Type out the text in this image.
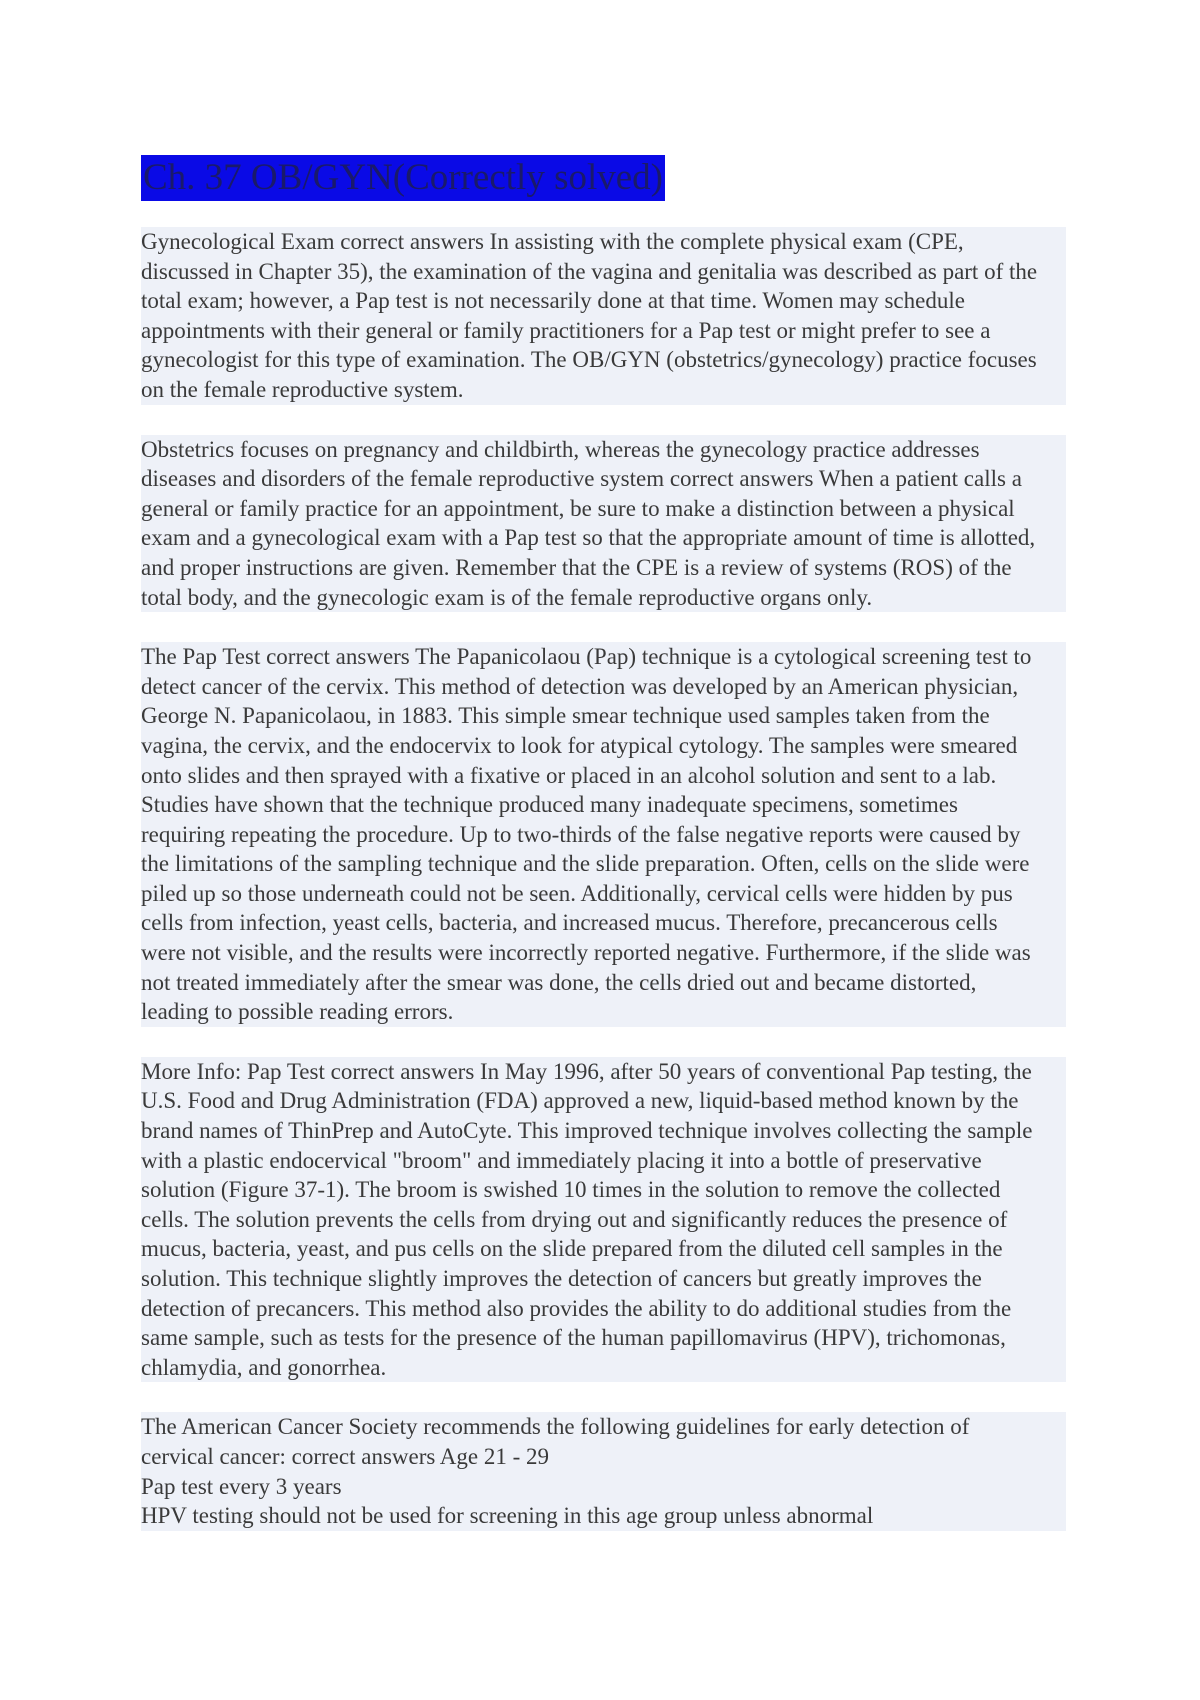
Ch. 37 OB/GYN(Correctly solved)
Gynecological Exam correct answers In assisting with the complete physical exam (CPE,
discussed in Chapter 35), the examination of the vagina and genitalia was described as part of the
total exam; however, a Pap test is not necessarily done at that time. Women may schedule
appointments with their general or family practitioners for a Pap test or might prefer to see a
gynecologist for this type of examination. The OB/GYN (obstetrics/gynecology) practice focuses
on the female reproductive system.
Obstetrics focuses on pregnancy and childbirth, whereas the gynecology practice addresses
diseases and disorders of the female reproductive system correct answers When a patient calls a
general or family practice for an appointment, be sure to make a distinction between a physical
exam and a gynecological exam with a Pap test so that the appropriate amount of time is allotted,
and proper instructions are given. Remember that the CPE is a review of systems (ROS) of the
total body, and the gynecologic exam is of the female reproductive organs only.
The Pap Test correct answers The Papanicolaou (Pap) technique is a cytological screening test to
detect cancer of the cervix. This method of detection was developed by an American physician,
George N. Papanicolaou, in 1883. This simple smear technique used samples taken from the
vagina, the cervix, and the endocervix to look for atypical cytology. The samples were smeared
onto slides and then sprayed with a fixative or placed in an alcohol solution and sent to a lab.
Studies have shown that the technique produced many inadequate specimens, sometimes
requiring repeating the procedure. Up to two-thirds of the false negative reports were caused by
the limitations of the sampling technique and the slide preparation. Often, cells on the slide were
piled up so those underneath could not be seen. Additionally, cervical cells were hidden by pus
cells from infection, yeast cells, bacteria, and increased mucus. Therefore, precancerous cells
were not visible, and the results were incorrectly reported negative. Furthermore, if the slide was
not treated immediately after the smear was done, the cells dried out and became distorted,
leading to possible reading errors.
More Info: Pap Test correct answers In May 1996, after 50 years of conventional Pap testing, the
U.S. Food and Drug Administration (FDA) approved a new, liquid-based method known by the
brand names of ThinPrep and AutoCyte. This improved technique involves collecting the sample
with a plastic endocervical "broom" and immediately placing it into a bottle of preservative
solution (Figure 37-1). The broom is swished 10 times in the solution to remove the collected
cells. The solution prevents the cells from drying out and significantly reduces the presence of
mucus, bacteria, yeast, and pus cells on the slide prepared from the diluted cell samples in the
solution. This technique slightly improves the detection of cancers but greatly improves the
detection of precancers. This method also provides the ability to do additional studies from the
same sample, such as tests for the presence of the human papillomavirus (HPV), trichomonas,
chlamydia, and gonorrhea.
The American Cancer Society recommends the following guidelines for early detection of
cervical cancer: correct answers Age 21 - 29
Pap test every 3 years
HPV testing should not be used for screening in this age group unless abnormal
